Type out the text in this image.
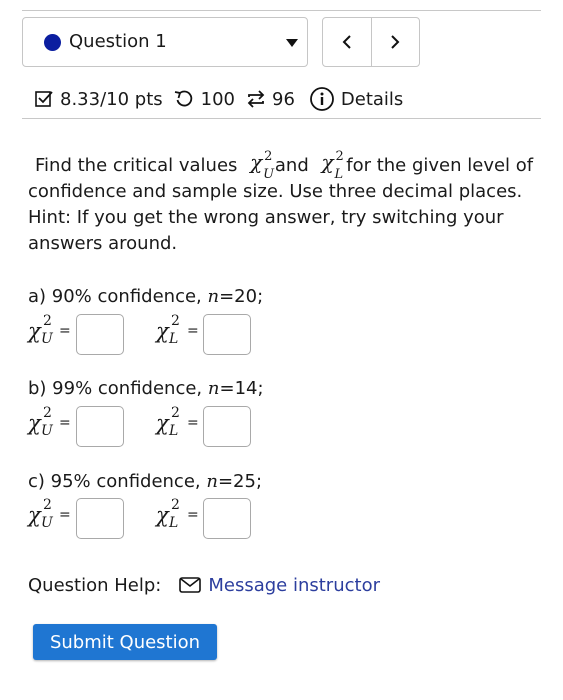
Question 1
8.33/10 pts 100 96	Details

Find the critical values χ 2
U and χ 2
L for the given level of confidence and sample size. Use three decimal places. Hint: If you get the wrong answer, try switching your answers around.

a) 90% confidence, n=20;
χ 2
U =	χ 2
L =
b) 99% confidence, n=14;
χ 2
U =	χ 2
L =
c) 95% confidence, n=25;
χ 2
U =	χ 2
L =
Question Help:	Message instructor
Submit Question
